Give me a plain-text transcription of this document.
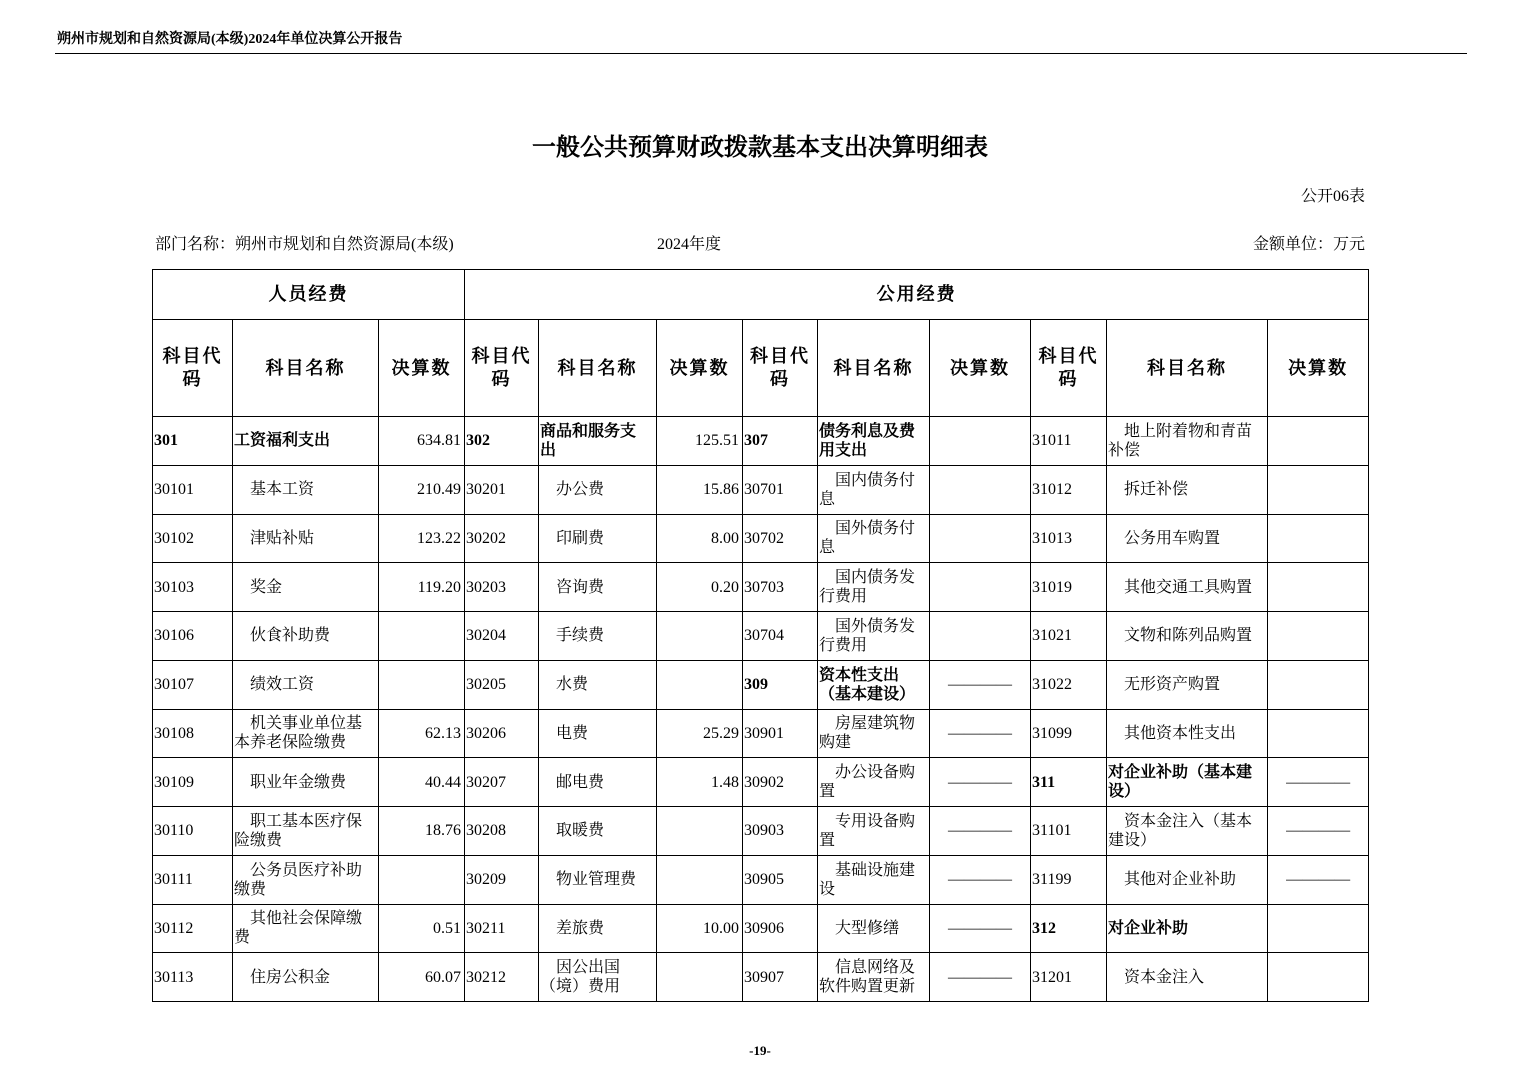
朔州市规划和自然资源局(本级)2024年单位决算公开报告
一般公共预算财政拨款基本支出决算明细表
公开06表
部门名称：朔州市规划和自然资源局(本级)	2024年度	金额单位：万元
人员经费			公用经费								
科目代码	科目名称	决算数	科目代码	科目名称	决算数	科目代码	科目名称	决算数	科目代码	科目名称	决算数
301	工资福利支出	634.81	302	商品和服务支出	125.51	307	债务利息及费用支出		31011	地上附着物和青苗补偿	
30101	基本工资	210.49	30201	办公费	15.86	30701	国内债务付息		31012	拆迁补偿	
30102	津贴补贴	123.22	30202	印刷费	8.00	30702	国外债务付息		31013	公务用车购置	
30103	奖金	119.20	30203	咨询费	0.20	30703	国内债务发行费用		31019	其他交通工具购置	
30106	伙食补助费		30204	手续费		30704	国外债务发行费用		31021	文物和陈列品购置	
30107	绩效工资		30205	水费		309	资本性支出（基本建设）	————	31022	无形资产购置	
30108	机关事业单位基本养老保险缴费	62.13	30206	电费	25.29	30901	房屋建筑物购建	————	31099	其他资本性支出	
30109	职业年金缴费	40.44	30207	邮电费	1.48	30902	办公设备购置	————	311	对企业补助（基本建设）	————
30110	职工基本医疗保险缴费	18.76	30208	取暖费		30903	专用设备购置	————	31101	资本金注入（基本建设）	————
30111	公务员医疗补助缴费		30209	物业管理费		30905	基础设施建设	————	31199	其他对企业补助	————
30112	其他社会保障缴费	0.51	30211	差旅费	10.00	30906	大型修缮	————	312	对企业补助	
30113	住房公积金	60.07	30212	因公出国（境）费用		30907	信息网络及软件购置更新	————	31201	资本金注入	
-19-
